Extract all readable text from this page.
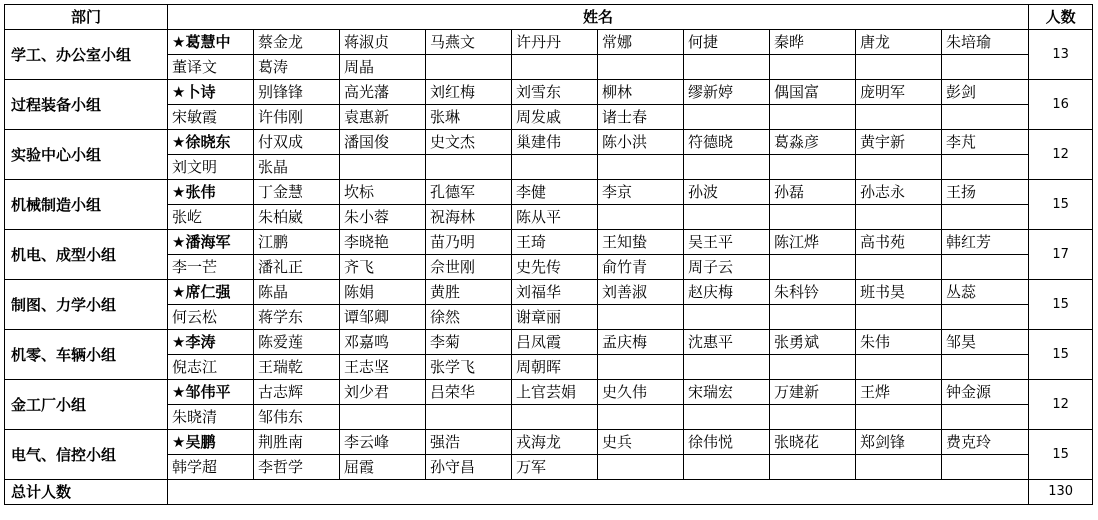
部门	姓名										人数
学工、办公室小组	★葛慧中	蔡金龙	蒋淑贞	马燕文	许丹丹	常娜	何捷	秦晔	唐龙	朱培瑜	13
	董译文	葛涛	周晶								
过程装备小组	★卜诗	别锋锋	高光藩	刘红梅	刘雪东	柳林	缪新婷	偶国富	庞明军	彭剑	16
	宋敏霞	许伟刚	袁惠新	张琳	周发戚	诸士春					
实验中心小组	★徐晓东	付双成	潘国俊	史文杰	巢建伟	陈小洪	符德晓	葛淼彦	黄宇新	李芃	12
	刘文明	张晶									
机械制造小组	★张伟	丁金慧	坎标	孔德军	李健	李京	孙波	孙磊	孙志永	王扬	15
	张屹	朱柏崴	朱小蓉	祝海林	陈从平						
机电、成型小组	★潘海军	江鹏	李晓艳	苗乃明	王琦	王知蛰	吴王平	陈江烨	高书苑	韩红芳	17
	李一芒	潘礼正	齐飞	佘世刚	史先传	俞竹青	周子云				
制图、力学小组	★席仁强	陈晶	陈娟	黄胜	刘福华	刘善淑	赵庆梅	朱科钤	班书昊	丛蕊	15
	何云松	蒋学东	谭邹卿	徐然	谢章丽						
机零、车辆小组	★李涛	陈爱莲	邓嘉鸣	李菊	吕凤霞	孟庆梅	沈惠平	张勇斌	朱伟	邹昊	15
	倪志江	王瑞乾	王志坚	张学飞	周朝晖						
金工厂小组	★邹伟平	古志辉	刘少君	吕荣华	上官芸娟	史久伟	宋瑞宏	万建新	王烨	钟金源	12
	朱晓清	邹伟东									
电气、信控小组	★吴鹏	荆胜南	李云峰	强浩	戎海龙	史兵	徐伟悦	张晓花	郑剑锋	费克玲	15
	韩学超	李哲学	屈霞	孙守昌	万军						
总计人数											130
